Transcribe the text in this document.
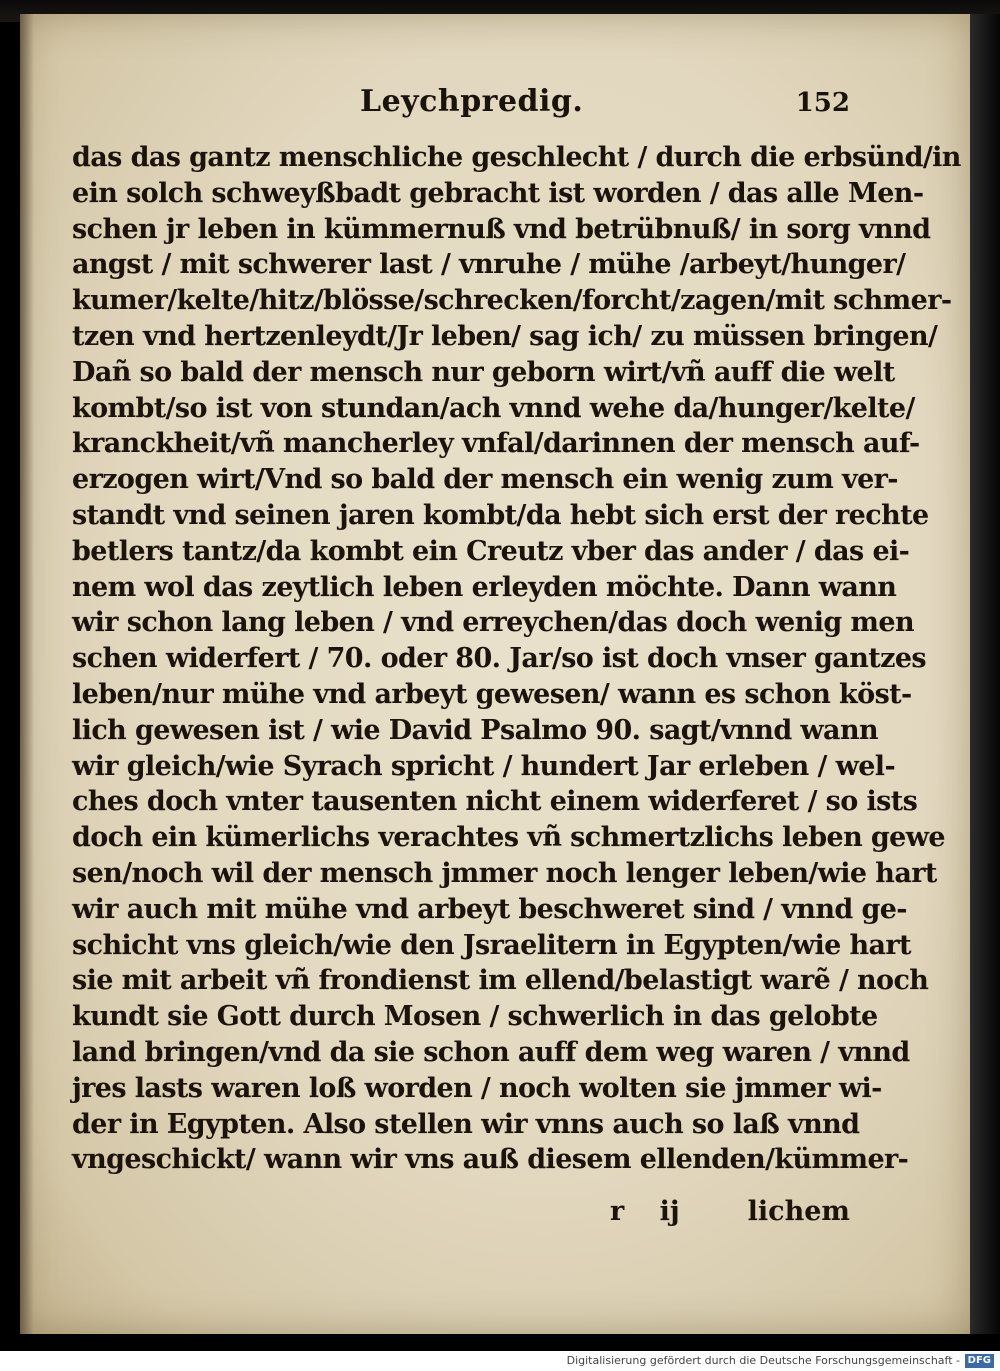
Leychpredig.	152
das das gantz menschliche geschlecht / durch die erbsünd/in
ein solch schweyßbadt gebracht ist worden / das alle Men-
schen jr leben in kümmernuß vnd betrübnuß/ in sorg vnnd
angst / mit schwerer last / vnruhe / mühe /arbeyt/hunger/
kumer/kelte/hitz/blösse/schrecken/forcht/zagen/mit schmer-
tzen vnd hertzenleydt/Jr leben/ sag ich/ zu müssen bringen/
Dañ so bald der mensch nur geborn wirt/vñ auff die welt
kombt/so ist von stundan/ach vnnd wehe da/hunger/kelte/
kranckheit/vñ mancherley vnfal/darinnen der mensch auf-
erzogen wirt/Vnd so bald der mensch ein wenig zum ver-
standt vnd seinen jaren kombt/da hebt sich erst der rechte
betlers tantz/da kombt ein Creutz vber das ander / das ei-
nem wol das zeytlich leben erleyden möchte. Dann wann
wir schon lang leben / vnd erreychen/das doch wenig men
schen widerfert / 70. oder 80. Jar/so ist doch vnser gantzes
leben/nur mühe vnd arbeyt gewesen/ wann es schon köst-
lich gewesen ist / wie David Psalmo 90. sagt/vnnd wann
wir gleich/wie Syrach spricht / hundert Jar erleben / wel-
ches doch vnter tausenten nicht einem widerferet / so ists
doch ein kümerlichs verachtes vñ schmertzlichs leben gewe
sen/noch wil der mensch jmmer noch lenger leben/wie hart
wir auch mit mühe vnd arbeyt beschweret sind / vnnd ge-
schicht vns gleich/wie den Jsraelitern in Egypten/wie hart
sie mit arbeit vñ frondienst im ellend/belastigt warẽ / noch
kundt sie Gott durch Mosen / schwerlich in das gelobte
land bringen/vnd da sie schon auff dem weg waren / vnnd
jres lasts waren loß worden / noch wolten sie jmmer wi-
der in Egypten. Also stellen wir vnns auch so laß vnnd
vngeschickt/ wann wir vns auß diesem ellenden/kümmer-
r ij	lichem
Digitalisierung gefördert durch die Deutsche Forschungsgemeinschaft - DFG
